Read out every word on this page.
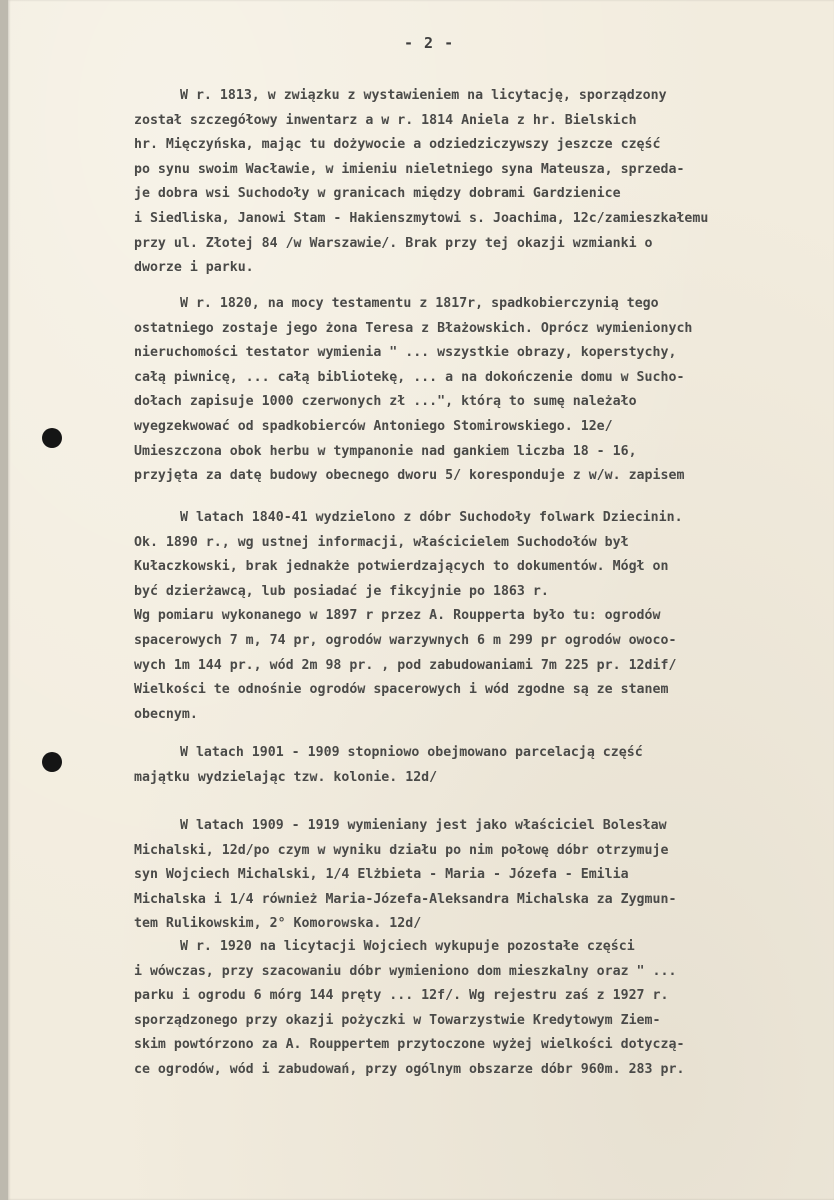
- 2 -
W r. 1813, w związku z wystawieniem na licytację, sporządzony
został szczegółowy inwentarz a w r. 1814 Aniela z hr. Bielskich
hr. Mięczyńska, mając tu dożywocie a odziedziczywszy jeszcze część
po synu swoim Wacławie, w imieniu nieletniego syna Mateusza, sprzeda-
je dobra wsi Suchodoły w granicach między dobrami Gardzienice
i Siedliska, Janowi Stam - Hakienszmytowi s. Joachima, 12c/zamieszkałemu
przy ul. Złotej 84 /w Warszawie/. Brak przy tej okazji wzmianki o
dworze i parku.
W r. 1820, na mocy testamentu z 1817r, spadkobierczynią tego
ostatniego zostaje jego żona Teresa z Błażowskich. Oprócz wymienionych
nieruchomości testator wymienia " ... wszystkie obrazy, koperstychy,
całą piwnicę, ... całą bibliotekę, ... a na dokończenie domu w Sucho-
dołach zapisuje 1000 czerwonych zł ...", którą to sumę należało
wyegzekwować od spadkobierców Antoniego Stomirowskiego. 12e/
Umieszczona obok herbu w tympanonie nad gankiem liczba 18 - 16,
przyjęta za datę budowy obecnego dworu 5/ koresponduje z w/w. zapisem
W latach 1840-41 wydzielono z dóbr Suchodoły folwark Dziecinin.
Ok. 1890 r., wg ustnej informacji, właścicielem Suchodołów był
Kułaczkowski, brak jednakże potwierdzających to dokumentów. Mógł on
być dzierżawcą, lub posiadać je fikcyjnie po 1863 r.
Wg pomiaru wykonanego w 1897 r przez A. Rouppertа było tu: ogrodów
spacerowych 7 m, 74 pr, ogrodów warzywnych 6 m 299 pr ogrodów owoco-
wych 1m 144 pr., wód 2m 98 pr. , pod zabudowaniami 7m 225 pr. 12dif/
Wielkości te odnośnie ogrodów spacerowych i wód zgodne są ze stanem
obecnym.
W latach 1901 - 1909 stopniowo obejmowano parcelacją część
majątku wydzielając tzw. kolonie. 12d/
W latach 1909 - 1919 wymieniany jest jako właściciel Bolesław
Michalski, 12d/po czym w wyniku działu po nim połowę dóbr otrzymuje
syn Wojciech Michalski, 1/4 Elżbieta - Maria - Józefa - Emilia
Michalska i 1/4 również Maria-Józefa-Aleksandra Michalska za Zygmun-
tem Rulikowskim, 2° Komorowska. 12d/
W r. 1920 na licytacji Wojciech wykupuje pozostałe części
i wówczas, przy szacowaniu dóbr wymieniono dom mieszkalny oraz " ...
parku i ogrodu 6 mórg 144 pręty ... 12f/. Wg rejestru zaś z 1927 r.
sporządzonego przy okazji pożyczki w Towarzystwie Kredytowym Ziem-
skim powtórzono za A. Rouppertem przytoczone wyżej wielkości dotyczą-
ce ogrodów, wód i zabudowań, przy ogólnym obszarze dóbr 960m. 283 pr.
